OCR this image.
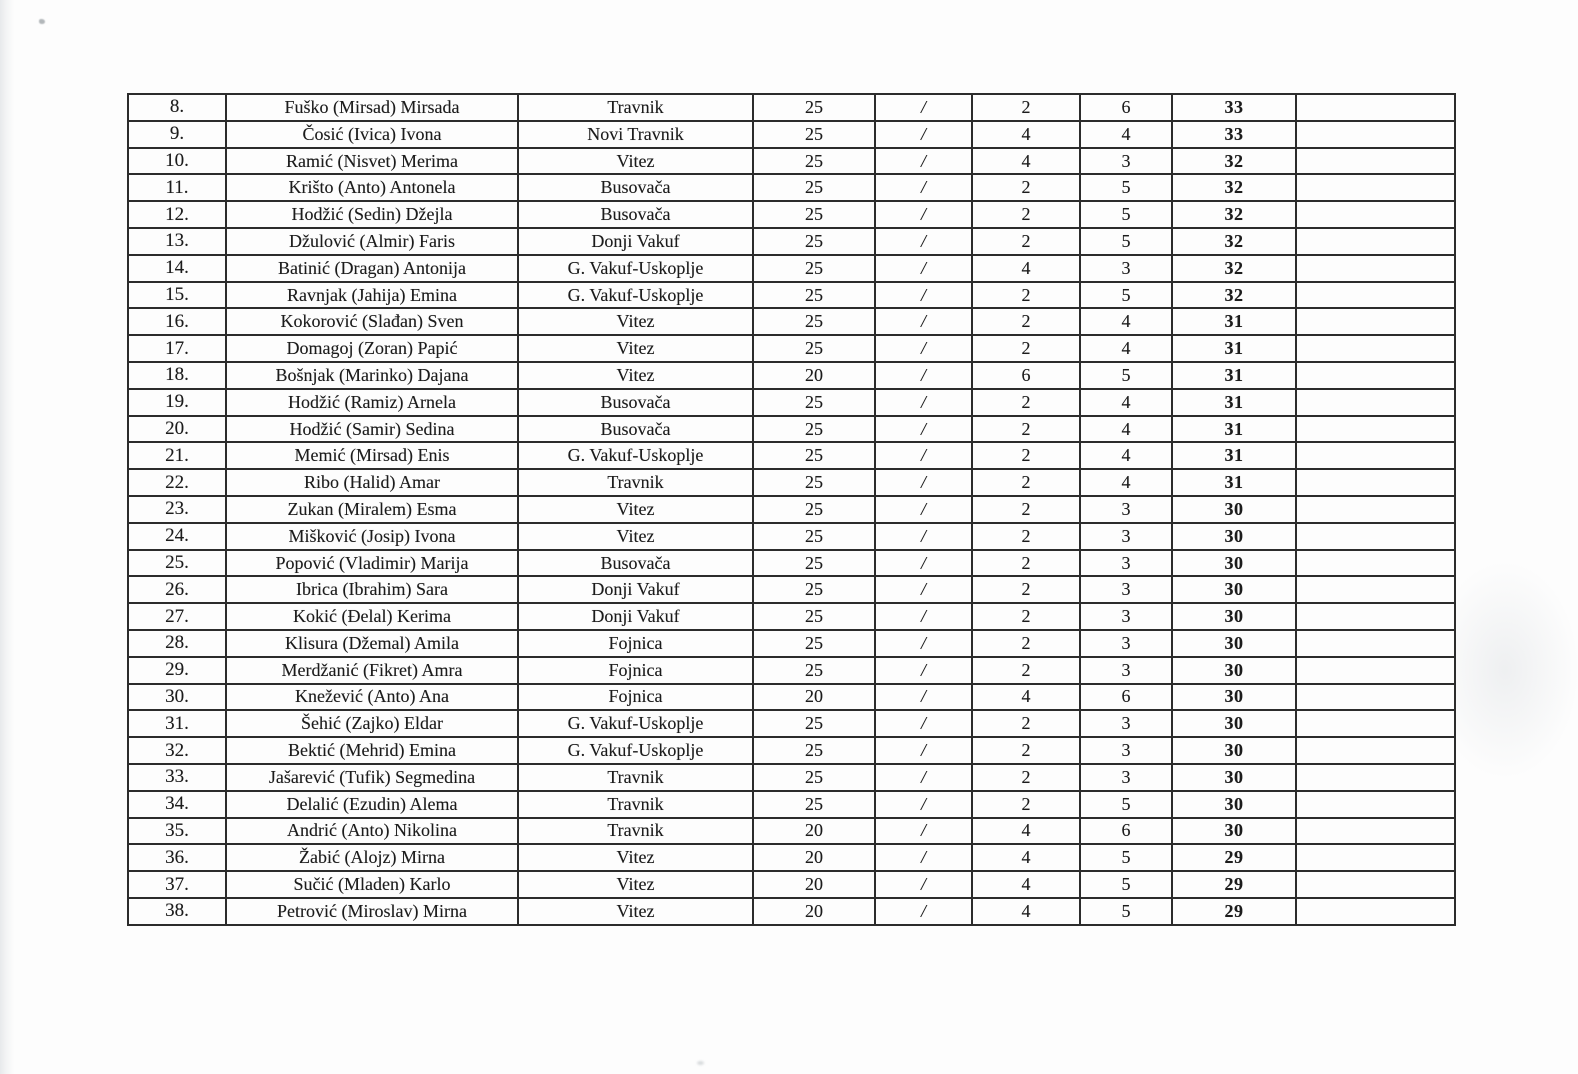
8.	Fuško (Mirsad) Mirsada	Travnik	25	/	2	6	33	
9.	Čosić (Ivica) Ivona	Novi Travnik	25	/	4	4	33	
10.	Ramić (Nisvet) Merima	Vitez	25	/	4	3	32	
11.	Krišto (Anto) Antonela	Busovača	25	/	2	5	32	
12.	Hodžić (Sedin) Džejla	Busovača	25	/	2	5	32	
13.	Džulović (Almir) Faris	Donji Vakuf	25	/	2	5	32	
14.	Batinić (Dragan) Antonija	G. Vakuf-Uskoplje	25	/	4	3	32	
15.	Ravnjak (Jahija) Emina	G. Vakuf-Uskoplje	25	/	2	5	32	
16.	Kokorović (Slađan) Sven	Vitez	25	/	2	4	31	
17.	Domagoj (Zoran) Papić	Vitez	25	/	2	4	31	
18.	Bošnjak (Marinko) Dajana	Vitez	20	/	6	5	31	
19.	Hodžić (Ramiz) Arnela	Busovača	25	/	2	4	31	
20.	Hodžić (Samir) Sedina	Busovača	25	/	2	4	31	
21.	Memić (Mirsad) Enis	G. Vakuf-Uskoplje	25	/	2	4	31	
22.	Ribo (Halid) Amar	Travnik	25	/	2	4	31	
23.	Zukan (Miralem) Esma	Vitez	25	/	2	3	30	
24.	Mišković (Josip) Ivona	Vitez	25	/	2	3	30	
25.	Popović (Vladimir) Marija	Busovača	25	/	2	3	30	
26.	Ibrica (Ibrahim) Sara	Donji Vakuf	25	/	2	3	30	
27.	Kokić (Đelal) Kerima	Donji Vakuf	25	/	2	3	30	
28.	Klisura (Džemal) Amila	Fojnica	25	/	2	3	30	
29.	Merdžanić (Fikret) Amra	Fojnica	25	/	2	3	30	
30.	Knežević (Anto) Ana	Fojnica	20	/	4	6	30	
31.	Šehić (Zajko) Eldar	G. Vakuf-Uskoplje	25	/	2	3	30	
32.	Bektić (Mehrid) Emina	G. Vakuf-Uskoplje	25	/	2	3	30	
33.	Jašarević (Tufik) Segmedina	Travnik	25	/	2	3	30	
34.	Delalić (Ezudin) Alema	Travnik	25	/	2	5	30	
35.	Andrić (Anto) Nikolina	Travnik	20	/	4	6	30	
36.	Žabić (Alojz) Mirna	Vitez	20	/	4	5	29	
37.	Sučić (Mladen) Karlo	Vitez	20	/	4	5	29	
38.	Petrović (Miroslav) Mirna	Vitez	20	/	4	5	29	
